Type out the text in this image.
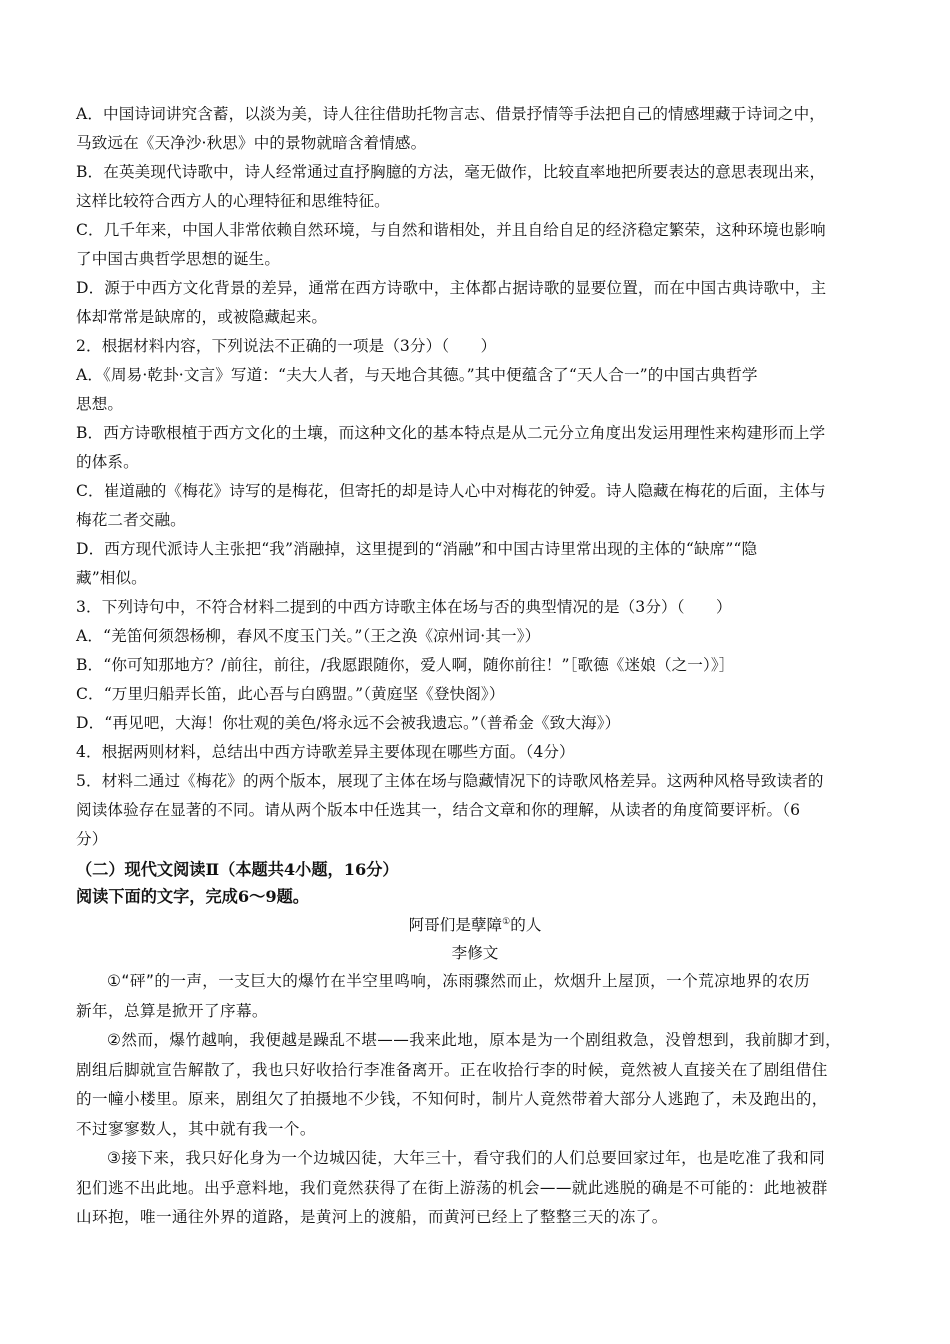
A．中国诗词讲究含蓄，以淡为美，诗人往往借助托物言志、借景抒情等手法把自己的情感埋藏于诗词之中，
马致远在《天净沙·秋思》中的景物就暗含着情感。
B．在英美现代诗歌中，诗人经常通过直抒胸臆的方法，毫无做作，比较直率地把所要表达的意思表现出来，
这样比较符合西方人的心理特征和思维特征。
C．几千年来，中国人非常依赖自然环境，与自然和谐相处，并且自给自足的经济稳定繁荣，这种环境也影响
了中国古典哲学思想的诞生。
D．源于中西方文化背景的差异，通常在西方诗歌中，主体都占据诗歌的显要位置，而在中国古典诗歌中，主
体却常常是缺席的，或被隐藏起来。
2．根据材料内容，下列说法不正确的一项是（3分）（　　）
A．《周易·乾卦·文言》写道：“夫大人者，与天地合其德。”其中便蕴含了“天人合一”的中国古典哲学
思想。
B．西方诗歌根植于西方文化的土壤，而这种文化的基本特点是从二元分立角度出发运用理性来构建形而上学
的体系。
C．崔道融的《梅花》诗写的是梅花，但寄托的却是诗人心中对梅花的钟爱。诗人隐藏在梅花的后面，主体与
梅花二者交融。
D．西方现代派诗人主张把“我”消融掉，这里提到的“消融”和中国古诗里常出现的主体的“缺席”“隐
藏”相似。
3．下列诗句中，不符合材料二提到的中西方诗歌主体在场与否的典型情况的是（3分）（　　）
A．“羌笛何须怨杨柳，春风不度玉门关。”（王之涣《凉州词·其一》）
B．“你可知那地方？/前往，前往，/我愿跟随你，爱人啊，随你前往！”［歌德《迷娘（之一）》］
C．“万里归船弄长笛，此心吾与白鸥盟。”（黄庭坚《登快阁》）
D．“再见吧，大海！你壮观的美色/将永远不会被我遗忘。”（普希金《致大海》）
4．根据两则材料，总结出中西方诗歌差异主要体现在哪些方面。（4分）
5．材料二通过《梅花》的两个版本，展现了主体在场与隐藏情况下的诗歌风格差异。这两种风格导致读者的
阅读体验存在显著的不同。请从两个版本中任选其一，结合文章和你的理解，从读者的角度简要评析。（6
分）
（二）现代文阅读Ⅱ（本题共4小题，16分）
阅读下面的文字，完成6～9题。
阿哥们是孽障①的人
李修文
①“砰”的一声，一支巨大的爆竹在半空里鸣响，冻雨骤然而止，炊烟升上屋顶，一个荒凉地界的农历
新年，总算是掀开了序幕。
②然而，爆竹越响，我便越是躁乱不堪——我来此地，原本是为一个剧组救急，没曾想到，我前脚才到，
剧组后脚就宣告解散了，我也只好收拾行李准备离开。正在收拾行李的时候，竟然被人直接关在了剧组借住
的一幢小楼里。原来，剧组欠了拍摄地不少钱，不知何时，制片人竟然带着大部分人逃跑了，未及跑出的，
不过寥寥数人，其中就有我一个。
③接下来，我只好化身为一个边城囚徒，大年三十，看守我们的人们总要回家过年，也是吃准了我和同
犯们逃不出此地。出乎意料地，我们竟然获得了在街上游荡的机会——就此逃脱的确是不可能的：此地被群
山环抱，唯一通往外界的道路，是黄河上的渡船，而黄河已经上了整整三天的冻了。
